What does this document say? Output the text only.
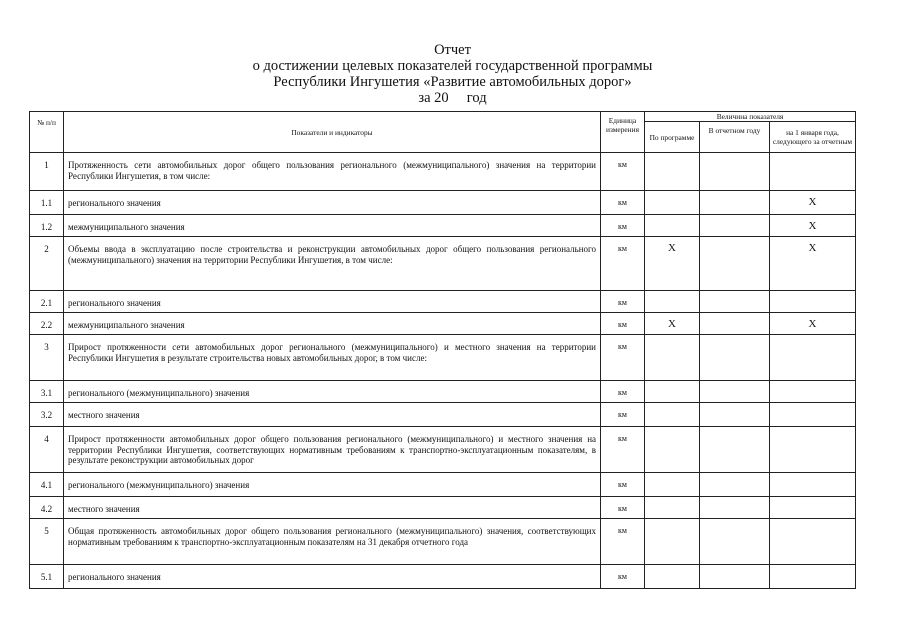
Отчет
о достижении целевых показателей государственной программы
Республики Ингушетия «Развитие автомобильных дорог»
за 20     год
№ п/п	Показатели и индикаторы	Единица измерения	Величина показателя		
			По программе	В отчетном году	на 1 января года, следующего за отчетным
1	Протяженность сети автомобильных дорог общего пользования регионального (межмуниципального) значения на территории Республики Ингушетия, в том числе:	км			
1.1	регионального значения	км			X
1.2	межмуниципального значения	км			X
2	Объемы ввода в эксплуатацию после строительства и реконструкции автомобильных дорог общего пользования регионального (межмуниципального) значения на территории Республики Ингушетия, в том числе:	км	X		X
2.1	регионального значения	км			
2.2	межмуниципального значения	км	X		X
3	Прирост протяженности сети автомобильных дорог регионального (межмуниципального) и местного значения на территории Республики Ингушетия в результате строительства новых автомобильных дорог, в том числе:	км			
3.1	регионального (межмуниципального) значения	км			
3.2	местного значения	км			
4	Прирост протяженности автомобильных дорог общего пользования регионального (межмуниципального) и местного значения на территории Республики Ингушетия, соответствующих нормативным требованиям к транспортно-эксплуатационным показателям, в результате реконструкции автомобильных дорог	км			
4.1	регионального (межмуниципального) значения	км			
4.2	местного значения	км			
5	Общая протяженность автомобильных дорог общего пользования регионального (межмуниципального) значения, соответствующих нормативным требованиям к транспортно-эксплуатационным показателям на 31 декабря отчетного года	км			
5.1	регионального значения	км			
